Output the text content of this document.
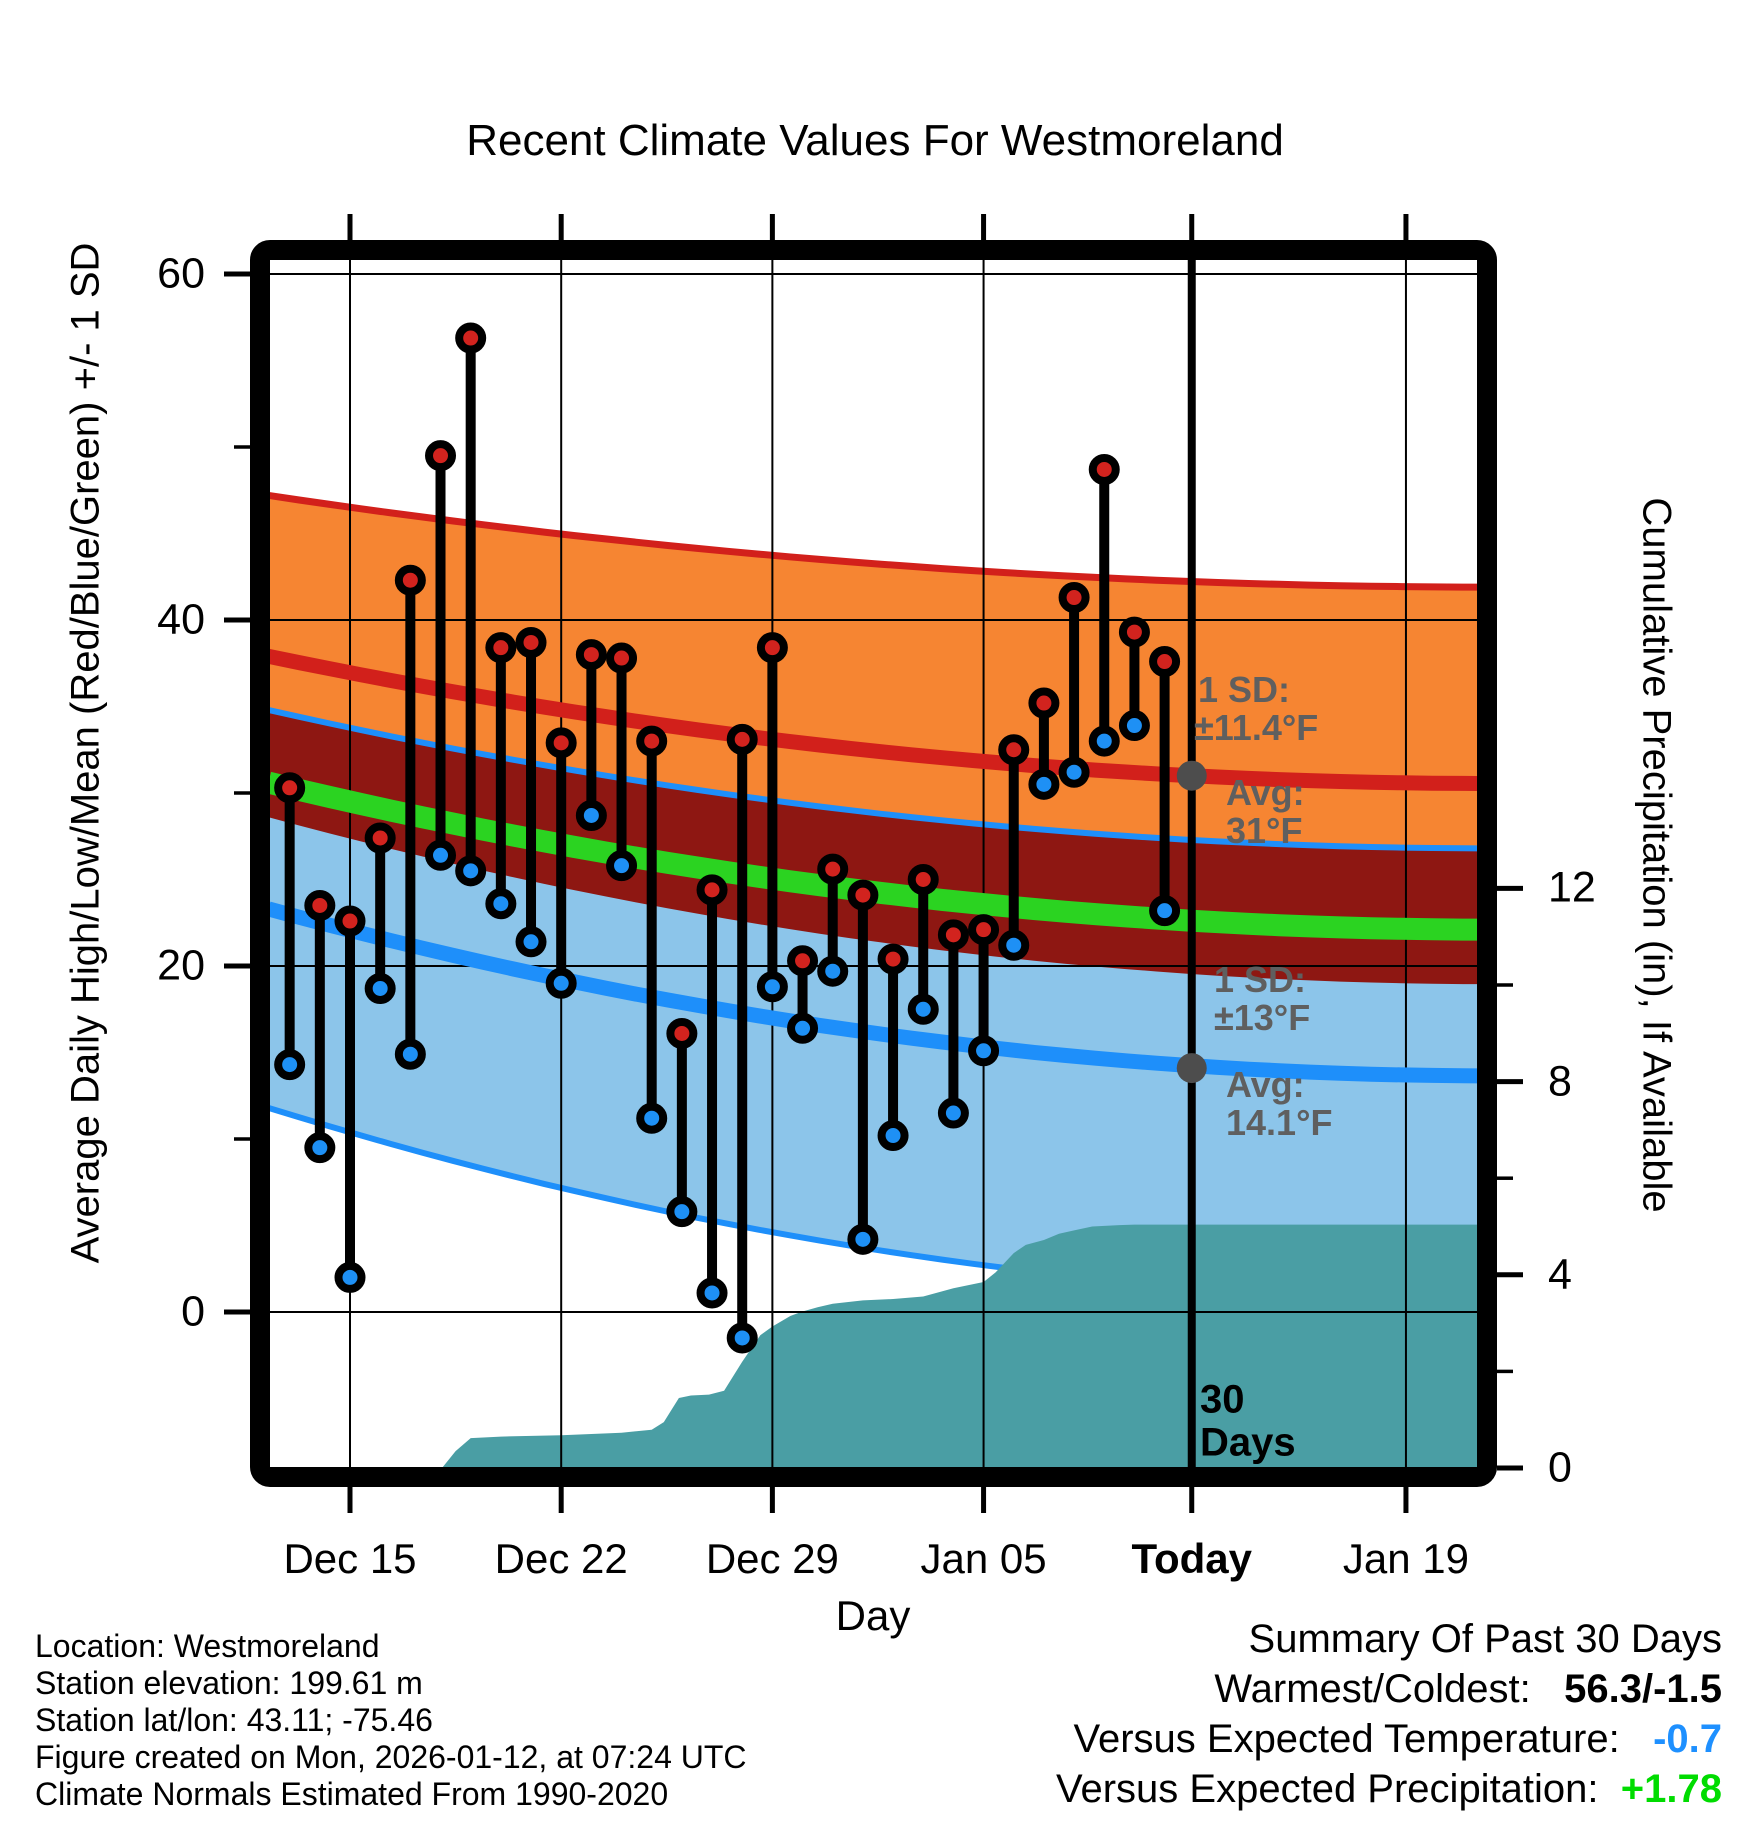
Recent Climate Values For Westmoreland
Average Daily High/Low/Mean (Red/Blue/Green) +/- 1 SD	Cumulative Precipitation (in), If Available
Day
1 SD:
±11.4°F
Avg:
31°F
1 SD:
±13°F
Avg:
14.1°F
30
Days
Location: Westmoreland
Station elevation: 199.61 m
Station lat/lon: 43.11; -75.46
Figure created on Mon, 2026-01-12, at 07:24 UTC
Climate Normals Estimated From 1990-2020
Summary Of Past 30 Days
Warmest/Coldest: 56.3/-1.5
Versus Expected Temperature: -0.7
Versus Expected Precipitation: +1.78
Dec 15 Dec 22 Dec 29 Jan 05 Today Jan 19
60
40
20
0
12
8
4
0
